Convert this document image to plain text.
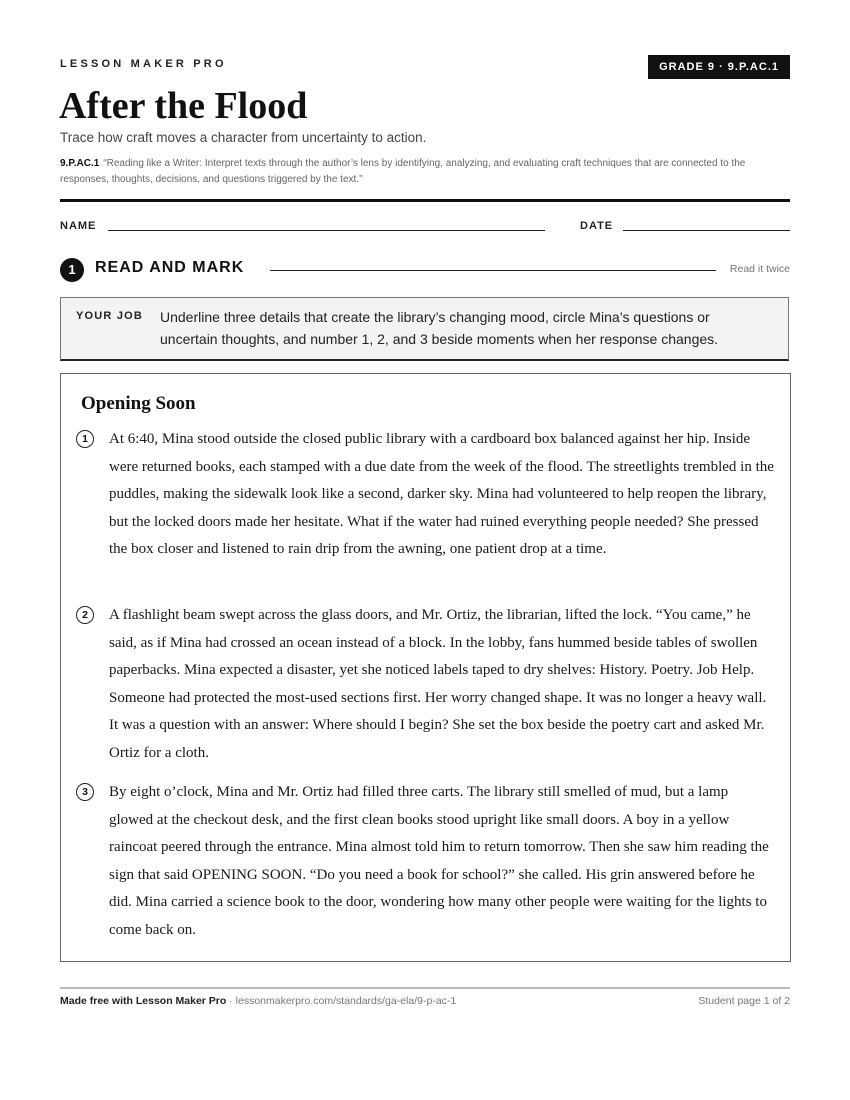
LESSON MAKER PRO	GRADE 9 · 9.P.AC.1
After the Flood
Trace how craft moves a character from uncertainty to action.
9.P.AC.1 “Reading like a Writer: Interpret texts through the author’s lens by identifying, analyzing, and evaluating craft techniques that are connected to the responses, thoughts, decisions, and questions triggered by the text.”
NAME	DATE
1	READ AND MARK	Read it twice
YOUR JOB Underline three details that create the library’s changing mood, circle Mina’s questions or uncertain thoughts, and number 1, 2, and 3 beside moments when her response changes.
Opening Soon
1	At 6:40, Mina stood outside the closed public library with a cardboard box balanced against her hip. Inside were returned books, each stamped with a due date from the week of the flood. The streetlights trembled in the puddles, making the sidewalk look like a second, darker sky. Mina had volunteered to help reopen the library, but the locked doors made her hesitate. What if the water had ruined everything people needed? She pressed the box closer and listened to rain drip from the awning, one patient drop at a time.

2	A flashlight beam swept across the glass doors, and Mr. Ortiz, the librarian, lifted the lock. “You came,” he said, as if Mina had crossed an ocean instead of a block. In the lobby, fans hummed beside tables of swollen paperbacks. Mina expected a disaster, yet she noticed labels taped to dry shelves: History. Poetry. Job Help. Someone had protected the most-used sections first. Her worry changed shape. It was no longer a heavy wall. It was a question with an answer: Where should I begin? She set the box beside the poetry cart and asked Mr. Ortiz for a cloth.

3	By eight o’clock, Mina and Mr. Ortiz had filled three carts. The library still smelled of mud, but a lamp glowed at the checkout desk, and the first clean books stood upright like small doors. A boy in a yellow raincoat peered through the entrance. Mina almost told him to return tomorrow. Then she saw him reading the sign that said OPENING SOON. “Do you need a book for school?” she called. His grin answered before he did. Mina carried a science book to the door, wondering how many other people were waiting for the lights to come back on.

Made free with Lesson Maker Pro · lessonmakerpro.com/standards/ga-ela/9-p-ac-1	Student page 1 of 2
